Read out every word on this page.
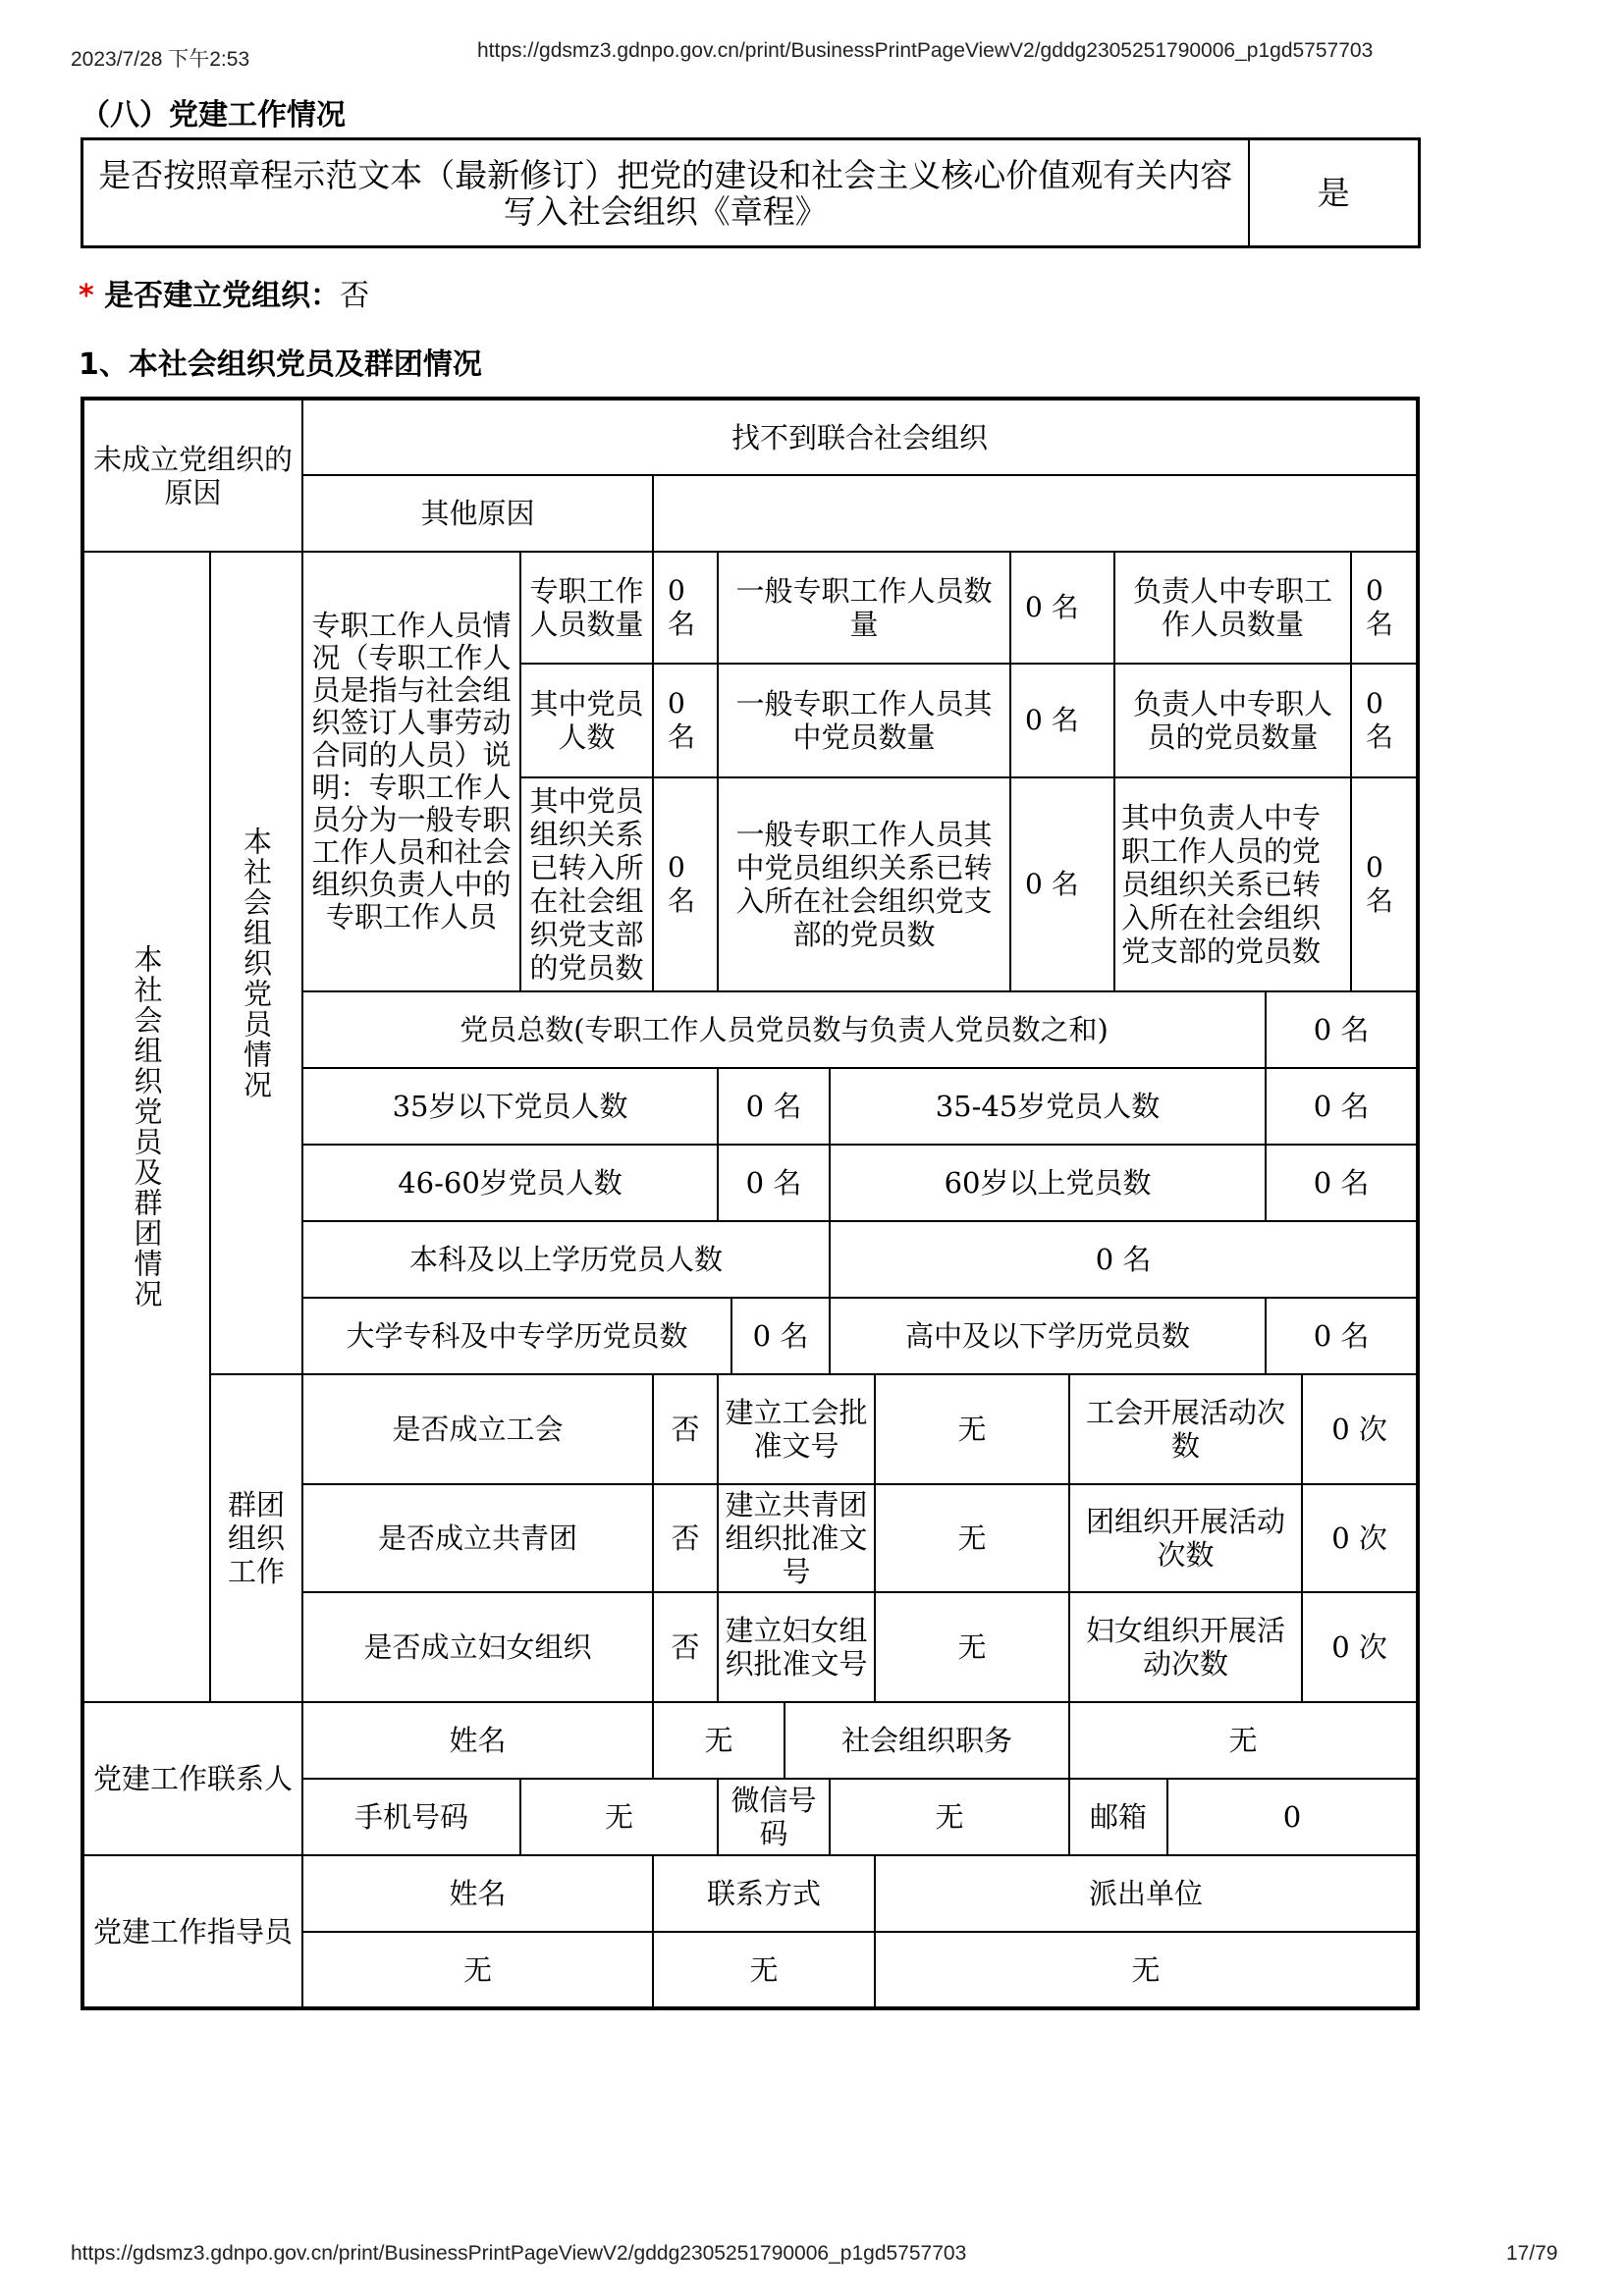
2023/7/28 下午2:53	https://gdsmz3.gdnpo.gov.cn/print/BusinessPrintPageViewV2/gddg2305251790006_p1gd5757703
（八）党建工作情况
是否按照章程示范文本（最新修订）把党的建设和社会主义核心价值观有关内容写入社会组织《章程》	是
* 是否建立党组织：否
1、本社会组织党员及群团情况
未成立党组织的原因		找不到联合社会组织														
		其他原因														
本社会组织党员及群团情况	本社会组织党员情况	专职工作人员情况（专职工作人员是指与社会组织签订人事劳动合同的人员）说明：专职工作人员分为一般专职工作人员和社会组织负责人中的专职工作人员	专职工作人员数量	0 名	一般专职工作人员数量					0 名		负责人中专职工作人员数量				0 名
			其中党员人数	0 名	一般专职工作人员其中党员数量					0 名		负责人中专职人员的党员数量				0 名
			其中党员组织关系已转入所在社会组织党支部的党员数	0 名	一般专职工作人员其中党员组织关系已转入所在社会组织党支部的党员数					0 名		其中负责人中专职工作人员的党员组织关系已转入所在社会组织党支部的党员数				0 名
		党员总数(专职工作人员党员数与负责人党员数之和)												0 名		
		35岁以下党员人数			0 名			35-45岁党员人数						0 名		
		46-60岁党员人数			0 名			60岁以上党员数						0 名		
		本科及以上学历党员人数						0 名								
		大学专科及中专学历党员数				0 名		高中及以下学历党员数						0 名		

	群团组织工作	是否成立工会		否	建立工会批准文号				无		工会开展活动次数				0 次	
		是否成立共青团		否	建立共青团组织批准文号				无		团组织开展活动次数				0 次	
		是否成立妇女组织		否	建立妇女组织批准文号				无		妇女组织开展活动次数				0 次	
党建工作联系人		姓名		无			社会组织职务				无					
		手机号码	无		微信号码			无			邮箱		0			
党建工作指导员		姓名		联系方式					派出单位							
		无		无					无							
https://gdsmz3.gdnpo.gov.cn/print/BusinessPrintPageViewV2/gddg2305251790006_p1gd5757703	17/79
